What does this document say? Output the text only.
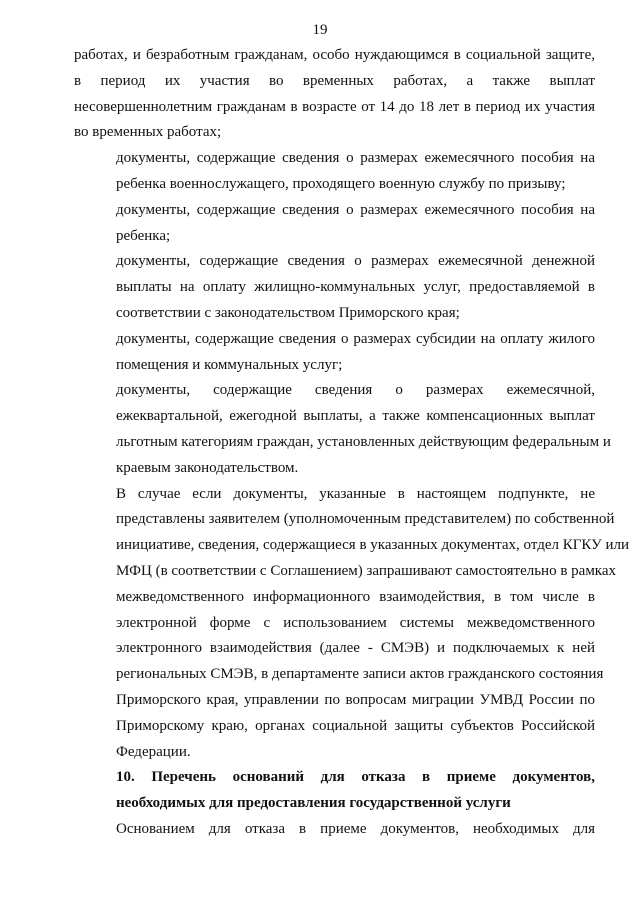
19

работах, и безработным гражданам, особо нуждающимся в социальной защите,
в период их участия во временных работах, а также выплат
несовершеннолетним гражданам в возрасте от 14 до 18 лет в период их участия
во временных работах;

документы, содержащие сведения о размерах ежемесячного пособия на
ребенка военнослужащего, проходящего военную службу по призыву;

документы, содержащие сведения о размерах ежемесячного пособия на
ребенка;

документы, содержащие сведения о размерах ежемесячной денежной
выплаты на оплату жилищно-коммунальных услуг, предоставляемой в
соответствии с законодательством Приморского края;

документы, содержащие сведения о размерах субсидии на оплату жилого
помещения и коммунальных услуг;

документы, содержащие сведения о размерах ежемесячной,
ежеквартальной, ежегодной выплаты, а также компенсационных выплат
льготным категориям граждан, установленных действующим федеральным и
краевым законодательством.

В случае если документы, указанные в настоящем подпункте, не
представлены заявителем (уполномоченным представителем) по собственной
инициативе, сведения, содержащиеся в указанных документах, отдел КГКУ или
МФЦ (в соответствии с Соглашением) запрашивают самостоятельно в рамках
межведомственного информационного взаимодействия, в том числе в
электронной форме с использованием системы межведомственного
электронного взаимодействия (далее - СМЭВ) и подключаемых к ней
региональных СМЭВ, в департаменте записи актов гражданского состояния
Приморского края, управлении по вопросам миграции УМВД России по
Приморскому краю, органах социальной защиты субъектов Российской
Федерации.

10. Перечень оснований для отказа в приеме документов,
необходимых для предоставления государственной услуги

Основанием для отказа в приеме документов, необходимых для
